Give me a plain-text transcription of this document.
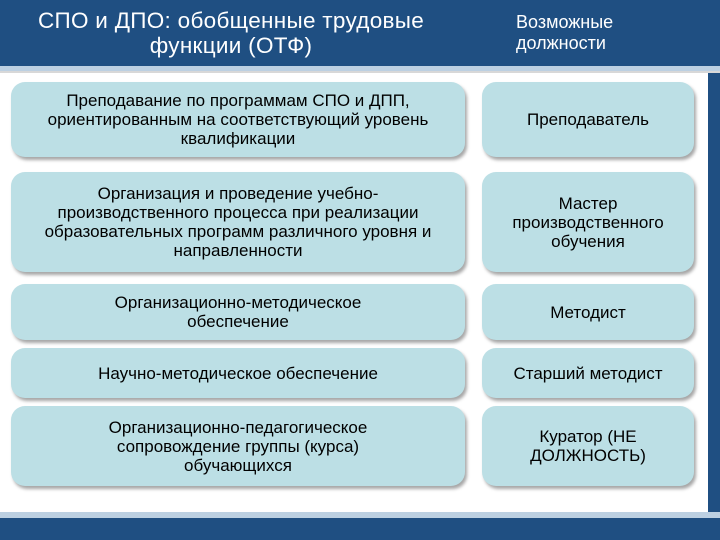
СПО и ДПО: обобщенные трудовые функции (ОТФ)
Возможные должности
Преподавание по программам СПО и ДПП, ориентированным на соответствующий уровень квалификации
Преподаватель
Организация и проведение учебно-производственного процесса при реализации образовательных программ различного уровня и направленности
Мастер производственного обучения
Организационно-методическое обеспечение	Методист
Научно-методическое обеспечение	Старший методист
Организационно-педагогическое сопровождение группы (курса) обучающихся
Куратор (НЕ ДОЛЖНОСТЬ)
